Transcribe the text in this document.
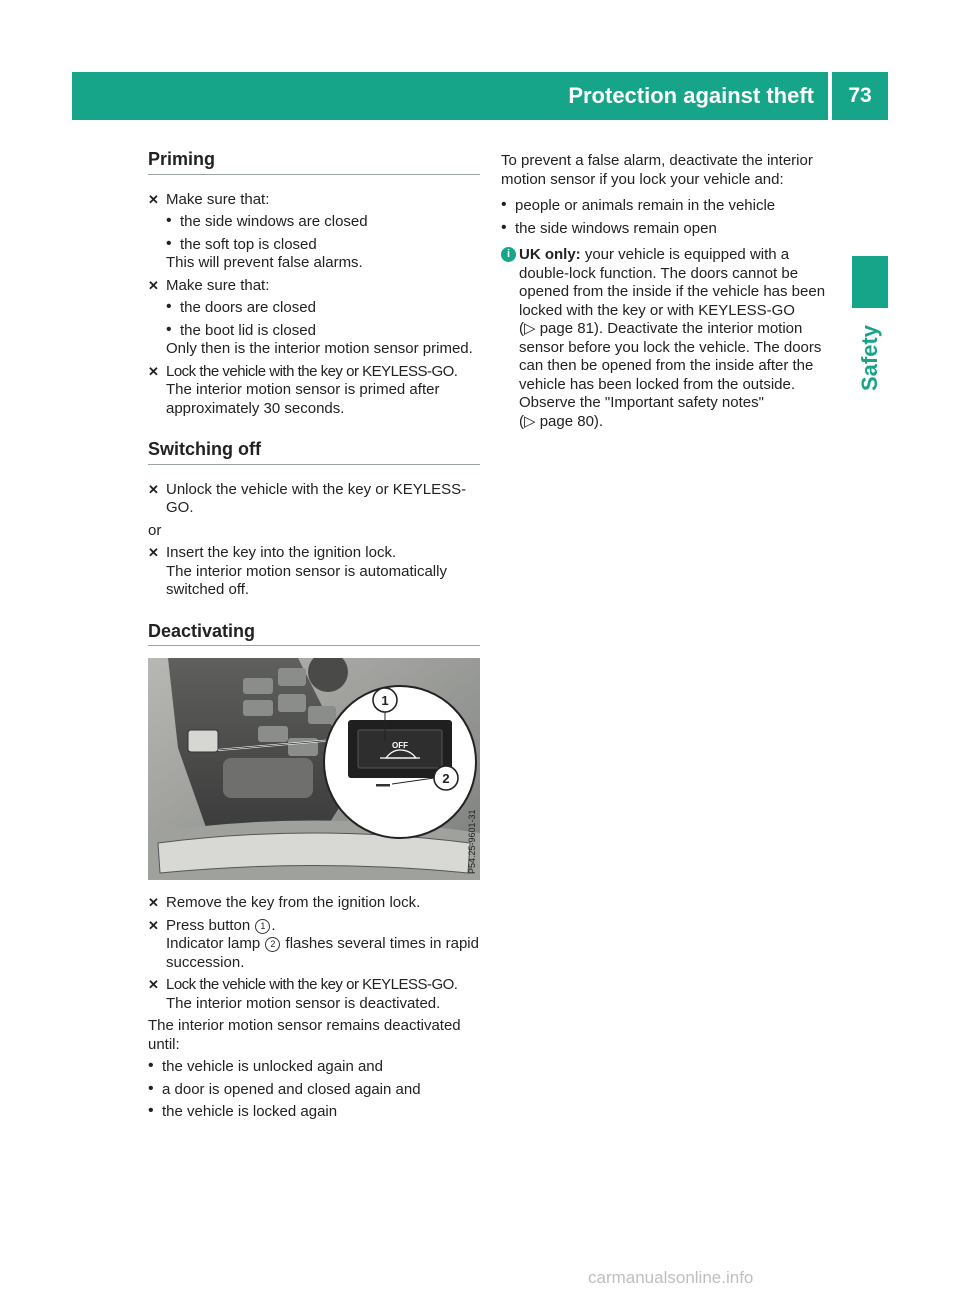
Protection against theft	73
Safety
Priming
✕ Make sure that:
• the side windows are closed
• the soft top is closed

This will prevent false alarms.

✕ Make sure that:
• the doors are closed
• the boot lid is closed

Only then is the interior motion sensor primed.

✕ Lock the vehicle with the key or KEYLESS-GO.
The interior motion sensor is primed after approximately 30 seconds.
Switching off
✕ Unlock the vehicle with the key or KEYLESS-GO.

or

✕ Insert the key into the ignition lock.
The interior motion sensor is automatically switched off.
Deactivating
OFF
1
2
P54.25-9601-31
✕ Remove the key from the ignition lock.
✕ Press button 1 .
Indicator lamp 2 flashes several times in rapid succession.
✕ Lock the vehicle with the key or KEYLESS-GO.
The interior motion sensor is deactivated.

The interior motion sensor remains deactivated until:

• the vehicle is unlocked again and
• a door is opened and closed again and
• the vehicle is locked again

To prevent a false alarm, deactivate the interior motion sensor if you lock your vehicle and:

• people or animals remain in the vehicle
• the side windows remain open
i UK only: your vehicle is equipped with a double-lock function. The doors cannot be opened from the inside if the vehicle has been locked with the key or with KEYLESS-GO
(▷ page 81). Deactivate the interior motion sensor before you lock the vehicle. The doors can then be opened from the inside after the vehicle has been locked from the outside. Observe the "Important safety notes"
(▷ page 80).
carmanualsonline.info
